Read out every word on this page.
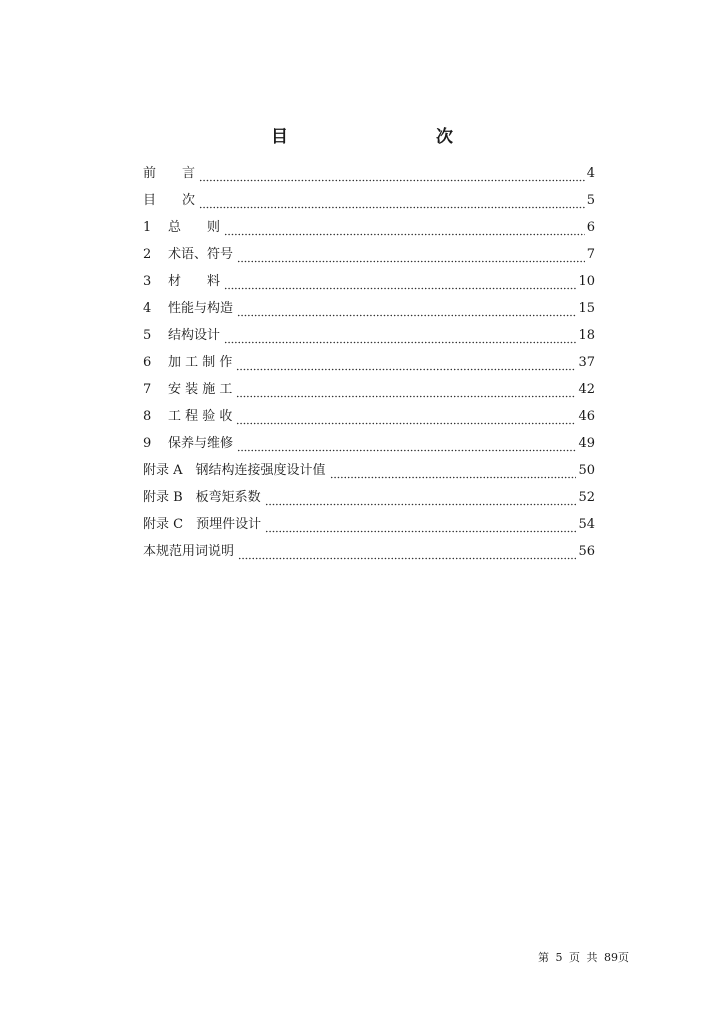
目　　次
前　　言	4
目　　次	5
1	总　　则	6
2	术语、符号	7
3	材　　料	10
4	性能与构造	15
5	结构设计	18
6	加 工 制 作	37
7	安 装 施 工	42
8	工 程 验 收	46
9	保养与维修	49
附录 A　钢结构连接强度设计值	50
附录 B　板弯矩系数	52
附录 C　预埋件设计	54
本规范用词说明	56
第 5 页 共 89页
